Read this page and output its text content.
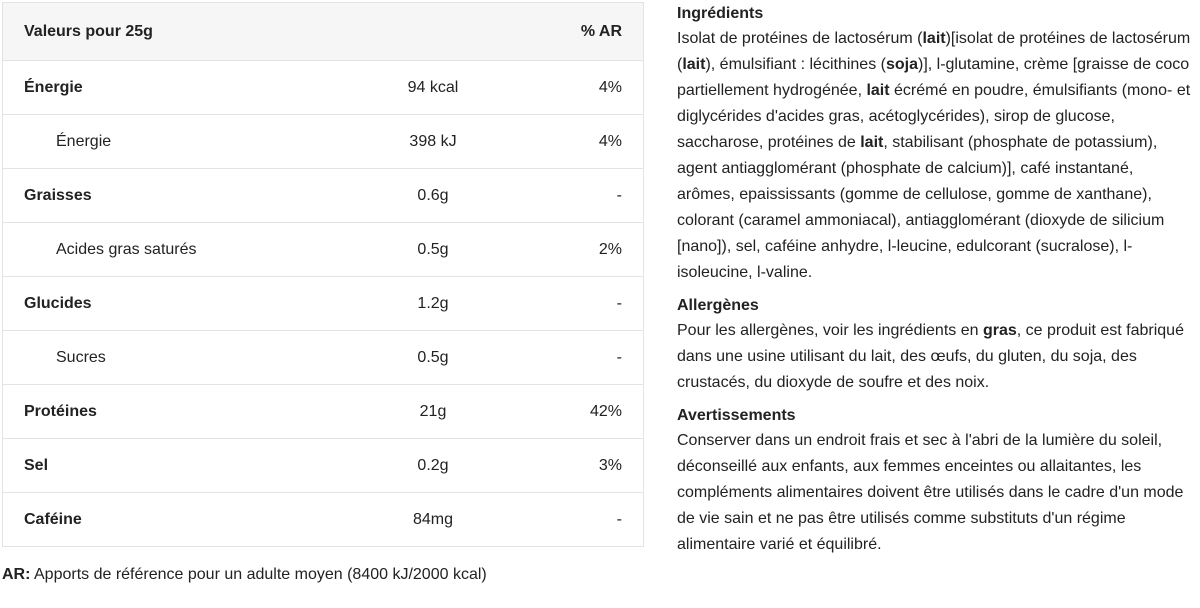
Valeurs pour 25g	% AR
Énergie	94 kcal	4%
Énergie	398 kJ	4%
Graisses	0.6g	-
Acides gras saturés	0.5g	2%
Glucides	1.2g	-
Sucres	0.5g	-
Protéines	21g	42%
Sel	0.2g	3%
Caféine	84mg	-
AR: Apports de référence pour un adulte moyen (8400 kJ/2000 kcal)
Ingrédients

Isolat de protéines de lactosérum (lait)[isolat de protéines de lactosérum (lait), émulsifiant : lécithines (soja)], l-glutamine, crème [graisse de coco partiellement hydrogénée, lait écrémé en poudre, émulsifiants (mono- et diglycérides d'acides gras, acétoglycérides), sirop de glucose, saccharose, protéines de lait, stabilisant (phosphate de potassium), agent antiagglomérant (phosphate de calcium)], café instantané, arômes, epaississants (gomme de cellulose, gomme de xanthane), colorant (caramel ammoniacal), antiagglomérant (dioxyde de silicium [nano]), sel, caféine anhydre, l-leucine, edulcorant (sucralose), l-isoleucine, l-valine.

Allergènes

Pour les allergènes, voir les ingrédients en gras, ce produit est fabriqué dans une usine utilisant du lait, des œufs, du gluten, du soja, des crustacés, du dioxyde de soufre et des noix.

Avertissements

Conserver dans un endroit frais et sec à l'abri de la lumière du soleil, déconseillé aux enfants, aux femmes enceintes ou allaitantes, les compléments alimentaires doivent être utilisés dans le cadre d'un mode de vie sain et ne pas être utilisés comme substituts d'un régime alimentaire varié et équilibré.
